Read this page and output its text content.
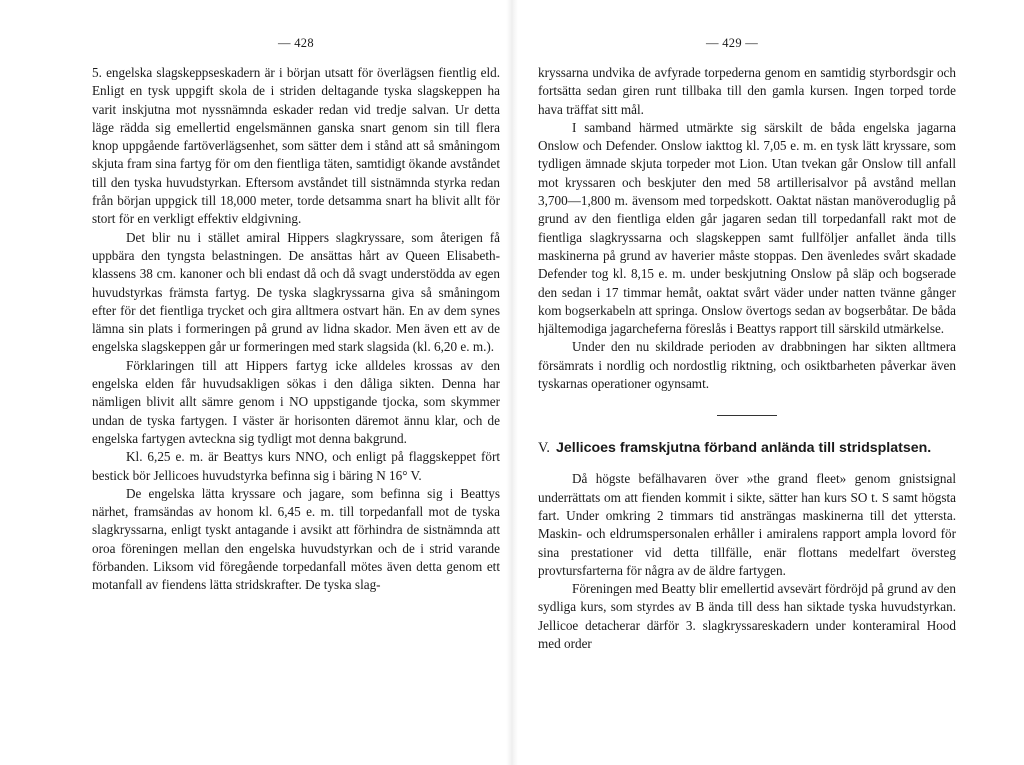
— 428

5. engelska slagskeppseskadern är i början utsatt för överlägsen fientlig eld. Enligt en tysk uppgift skola de i striden deltagande tyska slagskeppen ha varit inskjutna mot nyssnämnda eskader redan vid tredje salvan. Ur detta läge rädda sig emellertid engelsmännen ganska snart genom sin till flera knop uppgående fartöverlägsenhet, som sätter dem i stånd att så småningom skjuta fram sina fartyg för om den fientliga täten, samtidigt ökande avståndet till den tyska huvudstyrkan. Eftersom avståndet till sistnämnda styrka redan från början uppgick till 18,000 meter, torde detsamma snart ha blivit allt för stort för en verkligt effektiv eldgivning.

Det blir nu i stället amiral Hippers slagkryssare, som återigen få uppbära den tyngsta belastningen. De ansättas hårt av Queen Elisabeth-klassens 38 cm. kanoner och bli endast då och då svagt understödda av egen huvudstyrkas främsta fartyg. De tyska slagkryssarna giva så småningom efter för det fientliga trycket och gira alltmera ostvart hän. En av dem synes lämna sin plats i formeringen på grund av lidna skador. Men även ett av de engelska slagskeppen går ur formeringen med stark slagsida (kl. 6,20 e. m.).

Förklaringen till att Hippers fartyg icke alldeles krossas av den engelska elden får huvudsakligen sökas i den dåliga sikten. Denna har nämligen blivit allt sämre genom i NO uppstigande tjocka, som skymmer undan de tyska fartygen. I väster är horisonten däremot ännu klar, och de engelska fartygen avteckna sig tydligt mot denna bakgrund.

Kl. 6,25 e. m. är Beattys kurs NNO, och enligt på flaggskeppet fört bestick bör Jellicoes huvudstyrka befinna sig i bäring N 16° V.

De engelska lätta kryssare och jagare, som befinna sig i Beattys närhet, framsändas av honom kl. 6,45 e. m. till torpedanfall mot de tyska slagkryssarna, enligt tyskt antagande i avsikt att förhindra de sistnämnda att oroa föreningen mellan den engelska huvudstyrkan och de i strid varande förbanden. Liksom vid föregående torpedanfall mötes även detta genom ett motanfall av fiendens lätta stridskrafter. De tyska slag-

— 429 —

kryssarna undvika de avfyrade torpederna genom en samtidig styrbordsgir och fortsätta sedan giren runt tillbaka till den gamla kursen. Ingen torped torde hava träffat sitt mål.

I samband härmed utmärkte sig särskilt de båda engelska jagarna Onslow och Defender. Onslow iakttog kl. 7,05 e. m. en tysk lätt kryssare, som tydligen ämnade skjuta torpeder mot Lion. Utan tvekan går Onslow till anfall mot kryssaren och beskjuter den med 58 artillerisalvor på avstånd mellan 3,700—1,800 m. ävensom med torpedskott. Oaktat nästan manöveroduglig på grund av den fientliga elden går jagaren sedan till torpedanfall rakt mot de fientliga slagkryssarna och slagskeppen samt fullföljer anfallet ända tills maskinerna på grund av haverier måste stoppas. Den ävenledes svårt skadade Defender tog kl. 8,15 e. m. under beskjutning Onslow på släp och bogserade den sedan i 17 timmar hemåt, oaktat svårt väder under natten tvänne gånger kom bogserkabeln att springa. Onslow övertogs sedan av bogserbåtar. De båda hjältemodiga jagarcheferna föreslås i Beattys rapport till särskild utmärkelse.

Under den nu skildrade perioden av drabbningen har sikten alltmera försämrats i nordlig och nordostlig riktning, och osiktbarheten påverkar även tyskarnas operationer ogynsamt.

V. Jellicoes framskjutna förband anlända till stridsplatsen.

Då högste befälhavaren över »the grand fleet» genom gnistsignal underrättats om att fienden kommit i sikte, sätter han kurs SO t. S samt högsta fart. Under omkring 2 timmars tid ansträngas maskinerna till det yttersta. Maskin- och eldrumspersonalen erhåller i amiralens rapport ampla lovord för sina prestationer vid detta tillfälle, enär flottans medelfart översteg provtursfarterna för några av de äldre fartygen.

Föreningen med Beatty blir emellertid avsevärt fördröjd på grund av den sydliga kurs, som styrdes av B ända till dess han siktade tyska huvudstyrkan. Jellicoe detacherar därför 3. slagkryssareskadern under konteramiral Hood med order
